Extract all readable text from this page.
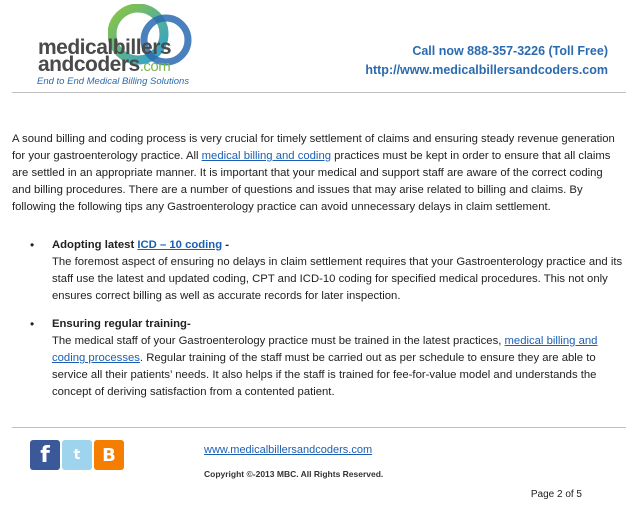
medicalbillers
andcoders.com
End to End Medical Billing Solutions
Call now 888-357-3226 (Toll Free)
http://www.medicalbillersandcoders.com
A sound billing and coding process is very crucial for timely settlement of claims and ensuring steady revenue generation for your gastroenterology practice. All medical billing and coding practices must be kept in order to ensure that all claims are settled in an appropriate manner. It is important that your medical and support staff are aware of the correct coding and billing procedures. There are a number of questions and issues that may arise related to billing and claims. By following the following tips any Gastroenterology practice can avoid unnecessary delays in claim settlement.
• Adopting latest ICD – 10 coding -
The foremost aspect of ensuring no delays in claim settlement requires that your Gastroenterology practice and its staff use the latest and updated coding, CPT and ICD-10 coding for specified medical procedures. This not only ensures correct billing as well as accurate records for later inspection.
• Ensuring regular training-
The medical staff of your Gastroenterology practice must be trained in the latest practices, medical billing and coding processes. Regular training of the staff must be carried out as per schedule to ensure they are able to service all their patients’ needs. It also helps if the staff is trained for fee-for-value model and understands the concept of deriving satisfaction from a contented patient.
f	t	B	www.medicalbillersandcoders.com
Copyright ©-2013 MBC. All Rights Reserved.
Page 2 of 5
